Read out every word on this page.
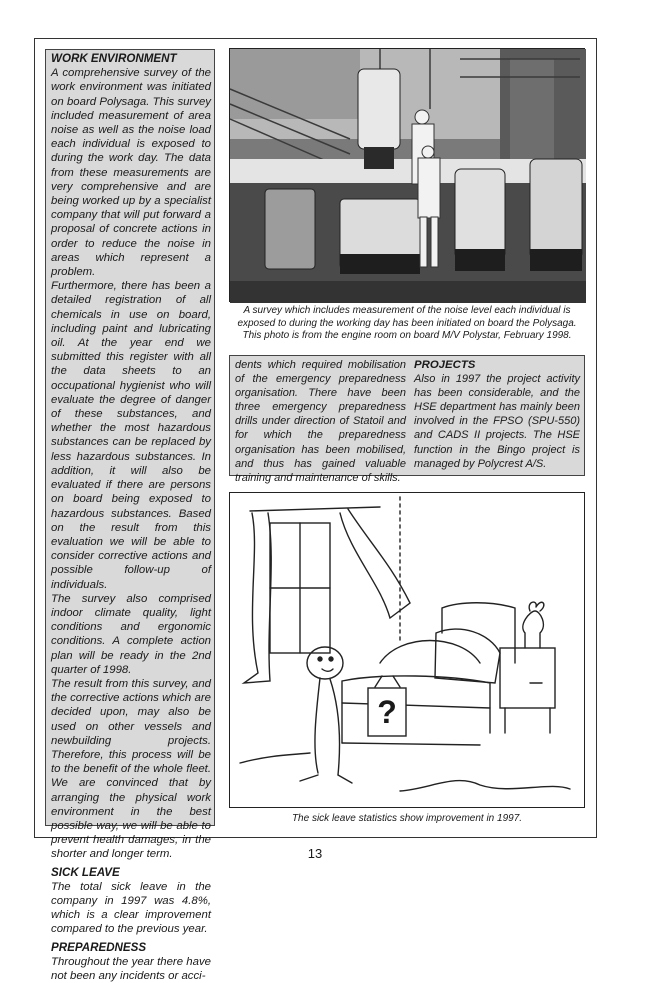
WORK ENVIRONMENT

A comprehensive survey of the work environment was initiated on board Polysaga. This survey included measurement of area noise as well as the noise load each individual is exposed to during the work day. The data from these measurements are very comprehensive and are being worked up by a specialist company that will put forward a proposal of concrete actions in order to reduce the noise in areas which represent a problem.

Furthermore, there has been a detailed registration of all chemicals in use on board, including paint and lubricating oil. At the year end we submitted this register with all the data sheets to an occupational hygienist who will evaluate the degree of danger of these substances, and whether the most hazardous substances can be replaced by less hazardous substances. In addition, it will also be evaluated if there are persons on board being exposed to hazardous substances. Based on the result from this evaluation we will be able to consider corrective actions and possible follow-up of individuals.

The survey also comprised indoor climate quality, light conditions and ergonomic conditions. A complete action plan will be ready in the 2nd quarter of 1998.

The result from this survey, and the corrective actions which are decided upon, may also be used on other vessels and newbuilding projects. Therefore, this process will be to the benefit of the whole fleet. We are convinced that by arranging the physical work environment in the best possible way, we will be able to prevent health damages, in the shorter and longer term.

SICK LEAVE

The total sick leave in the company in 1997 was 4.8%, which is a clear improvement compared to the previous year.

PREPAREDNESS

Throughout the year there have not been any incidents or acci-

A survey which includes measurement of the noise level each individual is exposed to during the working day has been initiated on board the Polysaga. This photo is from the engine room on board M/V Polystar, February 1998.

dents which required mobilisation of the emergency preparedness organisation. There have been three emergency preparedness drills under direction of Statoil and for which the preparedness organisation has been mobilised, and thus has gained valuable training and maintenance of skills.

PROJECTS

Also in 1997 the project activity has been considerable, and the HSE department has mainly been involved in the FPSO (SPU-550) and CADS II projects. The HSE function in the Bingo project is managed by Polycrest A/S.

?
The sick leave statistics show improvement in 1997.
13
